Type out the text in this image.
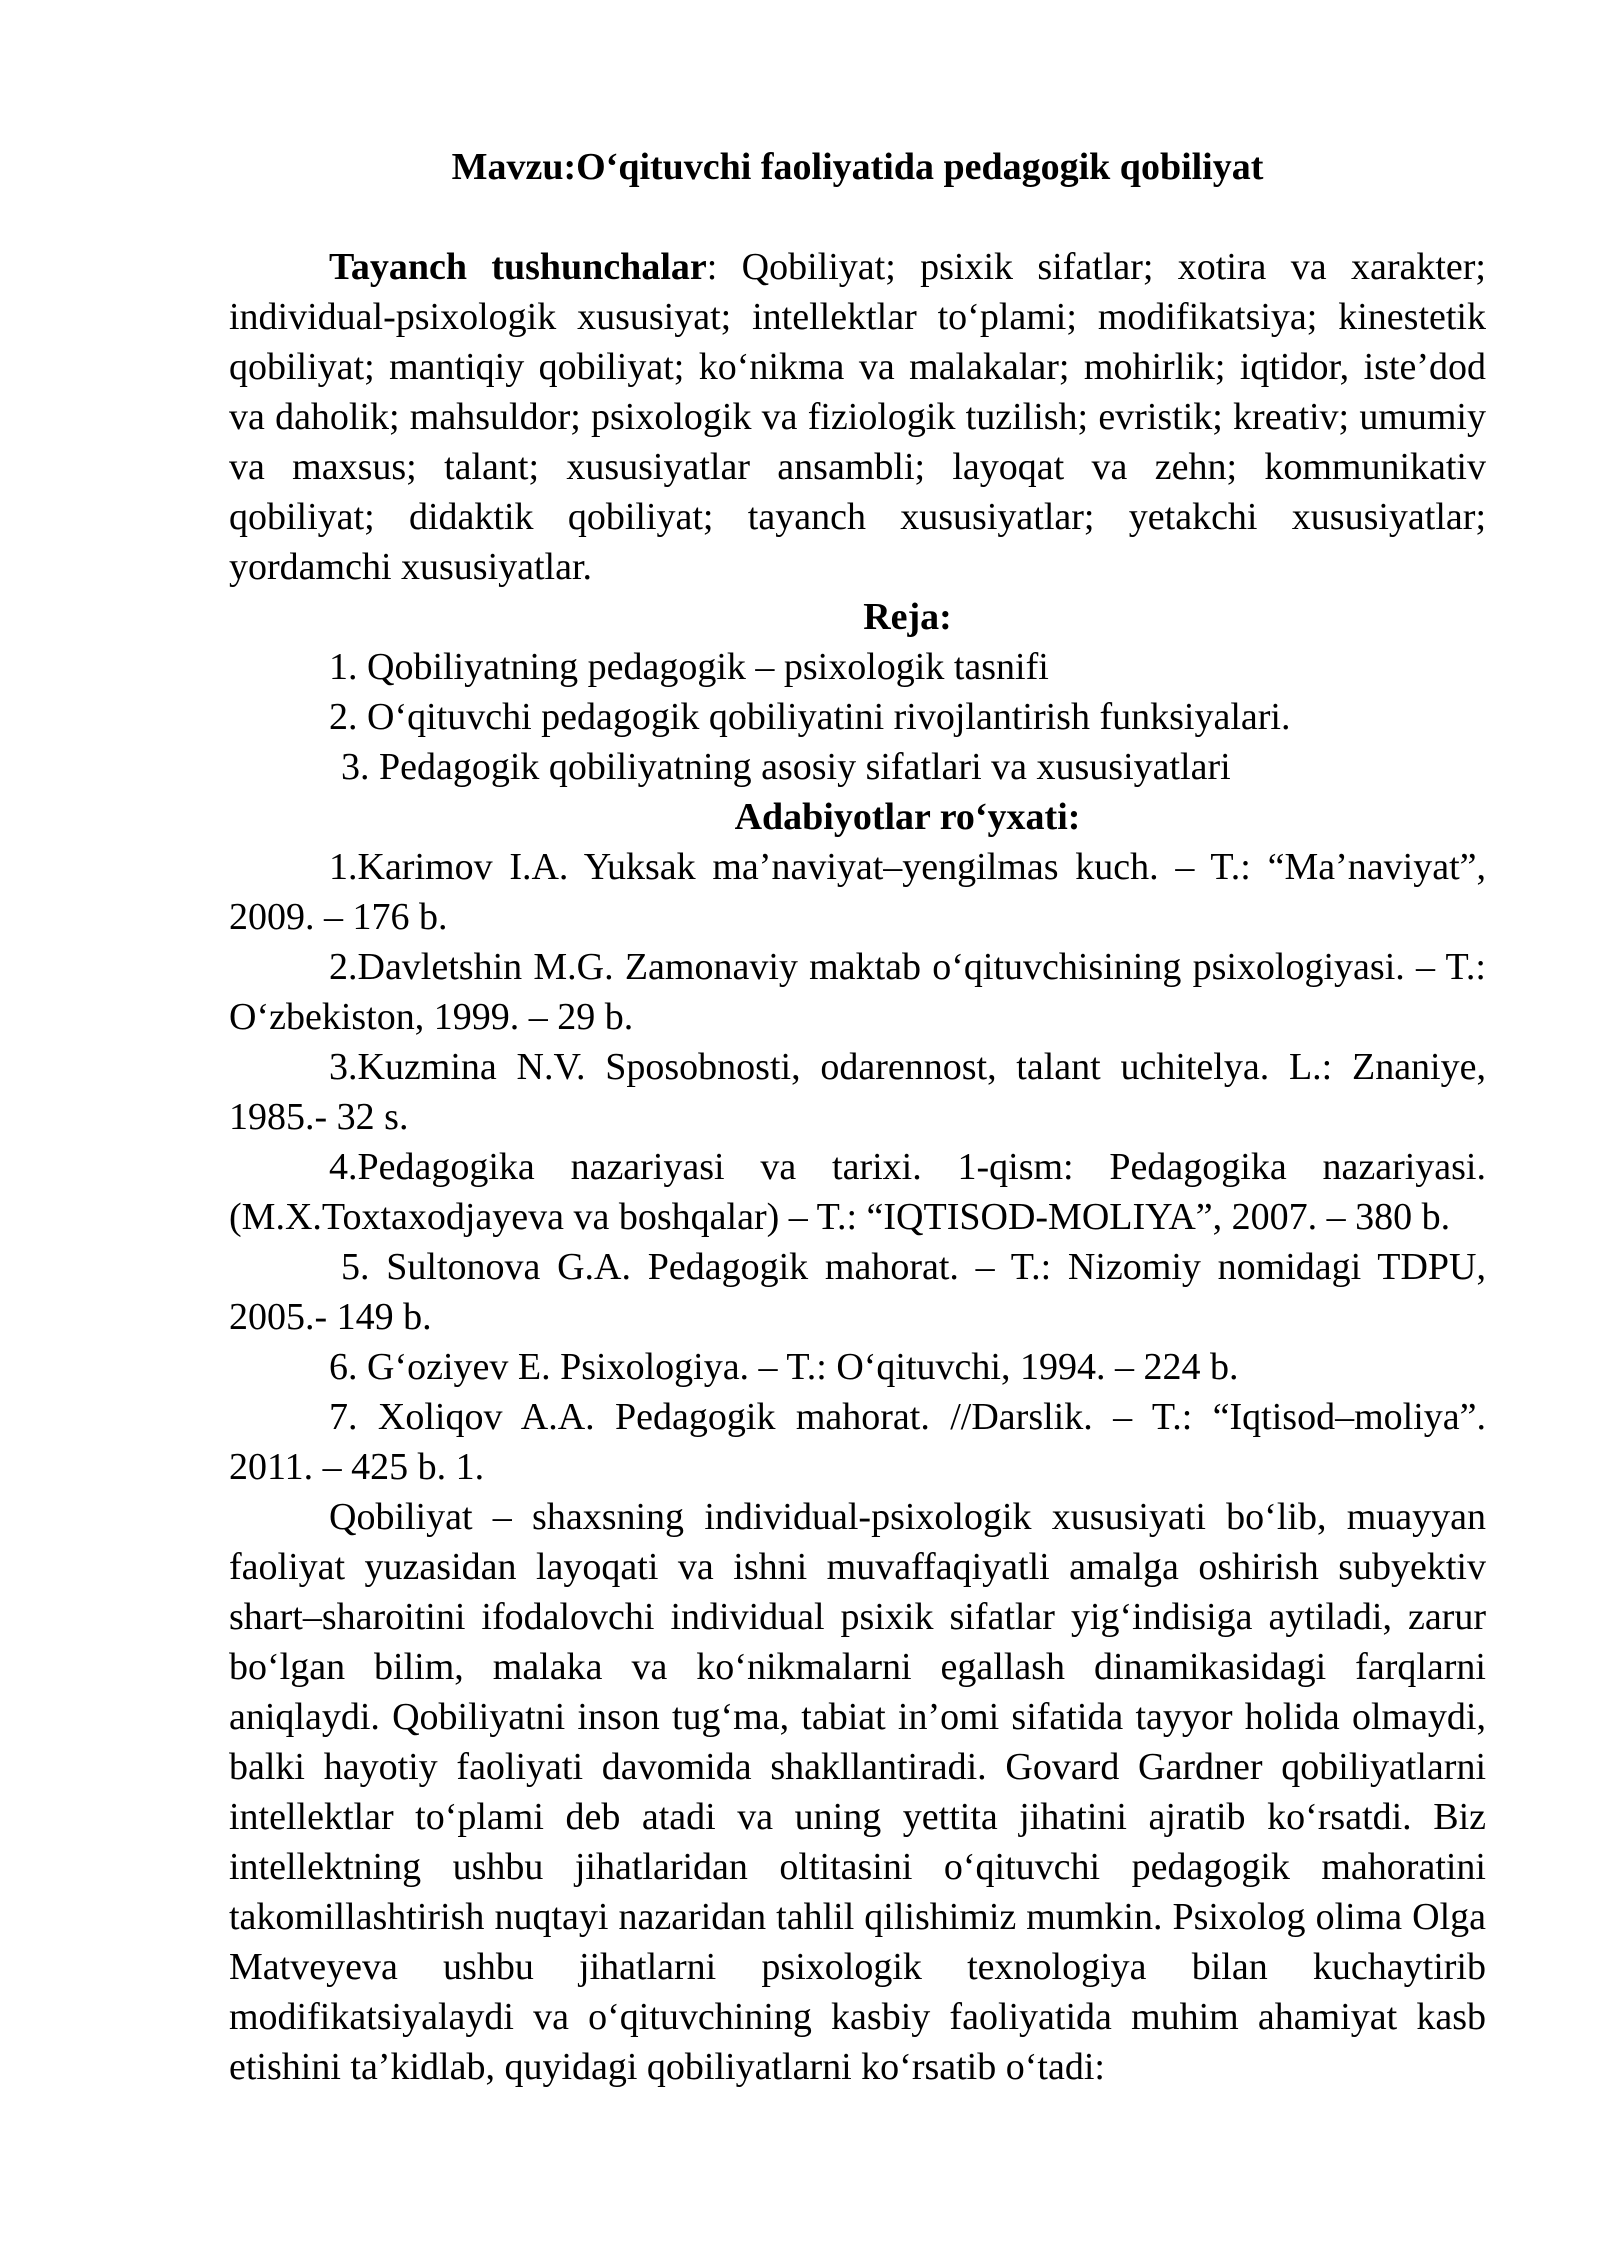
Mavzu:O‘qituvchi faoliyatida pedagogik qobiliyat

Tayanch tushunchalar: Qobiliyat; psixik sifatlar; xotira va xarakter; individual-psixologik xususiyat; intellektlar to‘plami; modifikatsiya; kinestetik qobiliyat; mantiqiy qobiliyat; ko‘nikma va malakalar; mohirlik; iqtidor, iste’dod va daholik; mahsuldor; psixologik va fiziologik tuzilish; evristik; kreativ; umumiy va maxsus; talant; xususiyatlar ansambli; layoqat va zehn; kommunikativ qobiliyat; didaktik qobiliyat; tayanch xususiyatlar; yetakchi xususiyatlar; yordamchi xususiyatlar.

Reja:

1. Qobiliyatning pedagogik – psixologik tasnifi

2. O‘qituvchi pedagogik qobiliyatini rivojlantirish funksiyalari.

3. Pedagogik qobiliyatning asosiy sifatlari va xususiyatlari

Adabiyotlar ro‘yxati:

1.Karimov I.A. Yuksak ma’naviyat–yengilmas kuch. – T.: “Ma’naviyat”, 2009. – 176 b.

2.Davletshin M.G. Zamonaviy maktab o‘qituvchisining psixologiyasi. – T.: O‘zbekiston, 1999. – 29 b.

3.Kuzmina N.V. Sposobnosti, odarennost, talant uchitelya. L.: Znaniye, 1985.- 32 s.

4.Pedagogika nazariyasi va tarixi. 1-qism: Pedagogika nazariyasi. (M.X.Toxtaxodjayeva va boshqalar) – T.: “IQTISOD-MOLIYA”, 2007. – 380 b.

5. Sultonova G.A. Pedagogik mahorat. – T.: Nizomiy nomidagi TDPU, 2005.- 149 b.

6. G‘oziyev E. Psixologiya. – T.: O‘qituvchi, 1994. – 224 b.

7. Xoliqov A.A. Pedagogik mahorat. //Darslik. – T.: “Iqtisod–moliya”. 2011. – 425 b. 1.

Qobiliyat – shaxsning individual-psixologik xususiyati bo‘lib, muayyan faoliyat yuzasidan layoqati va ishni muvaffaqiyatli amalga oshirish subyektiv shart–sharoitini ifodalovchi individual psixik sifatlar yig‘indisiga aytiladi, zarur bo‘lgan bilim, malaka va ko‘nikmalarni egallash dinamikasidagi farqlarni aniqlaydi. Qobiliyatni inson tug‘ma, tabiat in’omi sifatida tayyor holida olmaydi, balki hayotiy faoliyati davomida shakllantiradi. Govard Gardner qobiliyatlarni intellektlar to‘plami deb atadi va uning yettita jihatini ajratib ko‘rsatdi. Biz intellektning ushbu jihatlaridan oltitasini o‘qituvchi pedagogik mahoratini takomillashtirish nuqtayi nazaridan tahlil qilishimiz mumkin. Psixolog olima Olga Matveyeva ushbu jihatlarni psixologik texnologiya bilan kuchaytirib modifikatsiyalaydi va o‘qituvchining kasbiy faoliyatida muhim ahamiyat kasb etishini ta’kidlab, quyidagi qobiliyatlarni ko‘rsatib o‘tadi:
